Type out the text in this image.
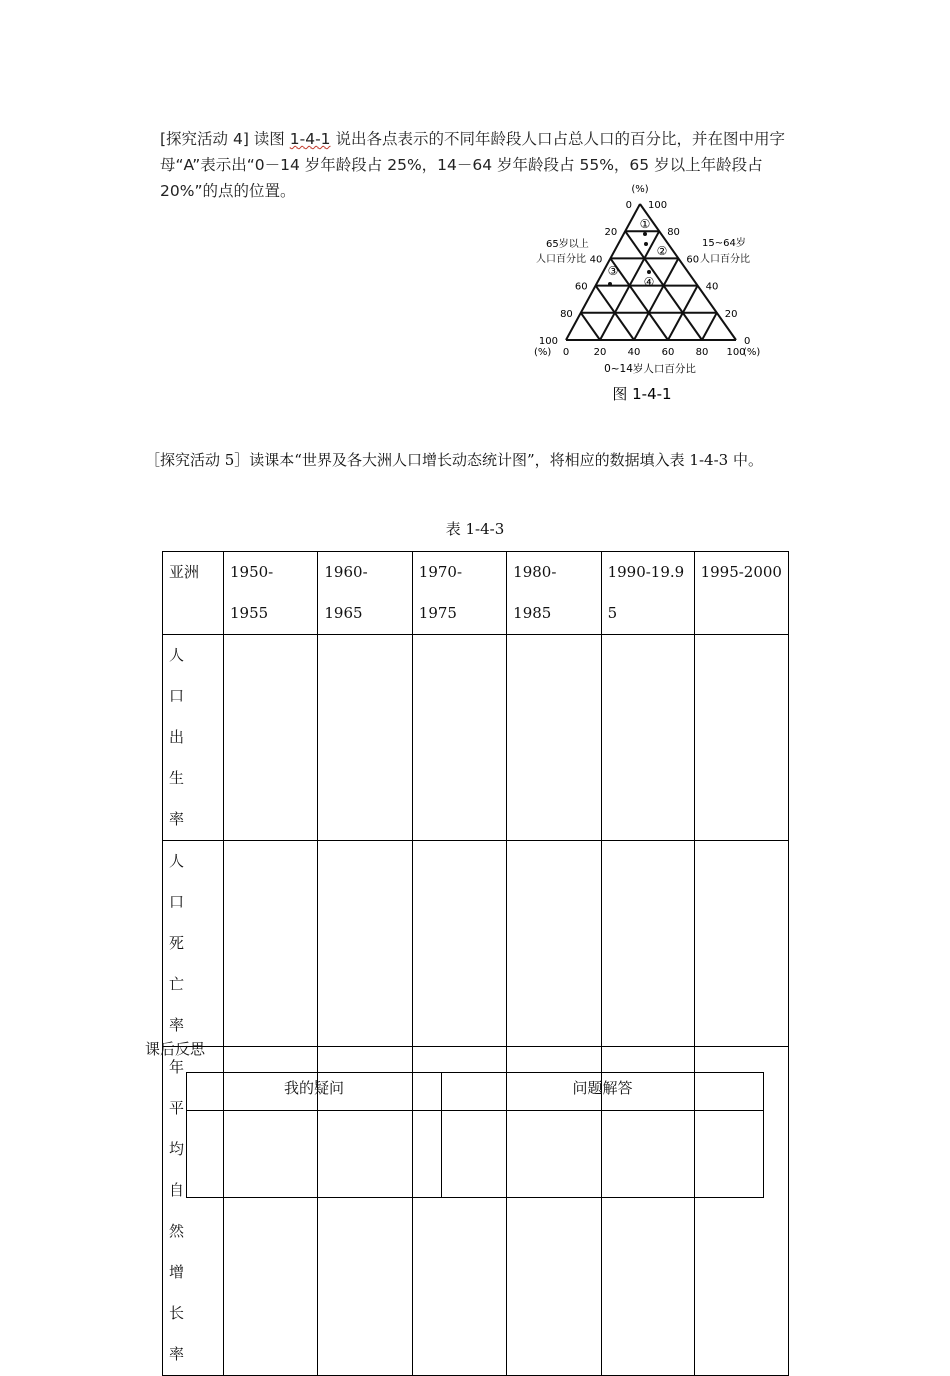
[探究活动 4] 读图 1-4-1 说出各点表示的不同年龄段人口占总人口的百分比，并在图中用字母“A”表示出“0－14 岁年龄段占 25%，14－64 岁年龄段占 55%，65 岁以上年龄段占 20%”的点的位置。	(%)
65岁以上
人口百分比
15~64岁
人口百分比
0
20
40
60
80
100
100
80
60
40
20
0
0 20 40 60 80 100
(%)	(%)
0~14岁人口百分比
图 1-4-1
①
②
③
④
［探究活动 5］读课本“世界及各大洲人口增长动态统计图”，将相应的数据填入表 1-4-3 中。
表 1-4-3
亚洲	1950-1955	1960-1965	1970-1975	1980-1985	1990-19.95	1995-2000
人口出生率						
人口死亡率						
年平均自然增长率						
课后反思
我的疑问	问题解答
